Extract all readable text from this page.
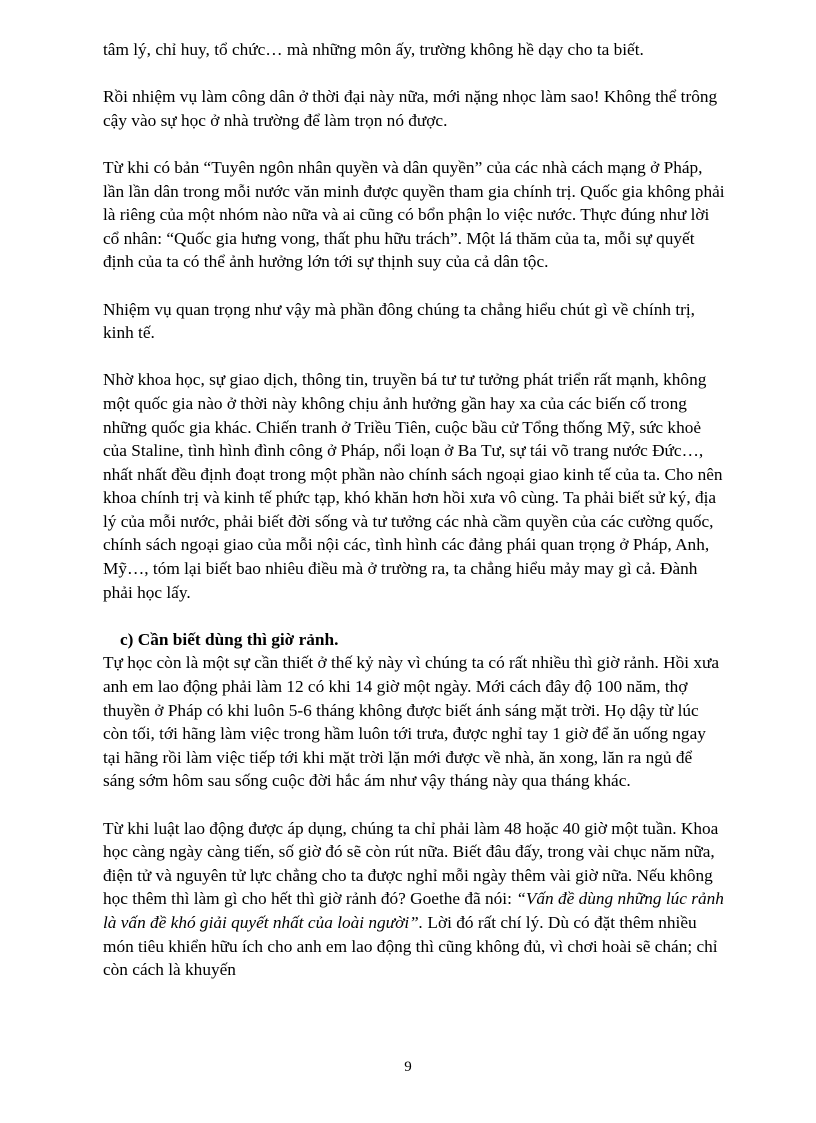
tâm lý, chỉ huy, tổ chức… mà những môn ấy, trường không hề dạy cho ta biết.

Rồi nhiệm vụ làm công dân ở thời đại này nữa, mới nặng nhọc làm sao! Không thể trông cậy vào sự học ở nhà trường để làm trọn nó được.

Từ khi có bản “Tuyên ngôn nhân quyền và dân quyền” của các nhà cách mạng ở Pháp, lần lần dân trong mỗi nước văn minh được quyền tham gia chính trị. Quốc gia không phải là riêng của một nhóm nào nữa và ai cũng có bổn phận lo việc nước. Thực đúng như lời cổ nhân: “Quốc gia hưng vong, thất phu hữu trách”. Một lá thăm của ta, mỗi sự quyết định của ta có thể ảnh hưởng lớn tới sự thịnh suy của cả dân tộc.

Nhiệm vụ quan trọng như vậy mà phần đông chúng ta chẳng hiểu chút gì về chính trị, kinh tế.

Nhờ khoa học, sự giao dịch, thông tin, truyền bá tư tư tưởng phát triển rất mạnh, không một quốc gia nào ở thời này không chịu ảnh hưởng gần hay xa của các biến cố trong những quốc gia khác. Chiến tranh ở Triều Tiên, cuộc bầu cử Tổng thống Mỹ, sức khoẻ của Staline, tình hình đình công ở Pháp, nổi loạn ở Ba Tư, sự tái võ trang nước Đức…, nhất nhất đều định đoạt trong một phần nào chính sách ngoại giao kinh tế của ta. Cho nên khoa chính trị và kinh tế phức tạp, khó khăn hơn hồi xưa vô cùng. Ta phải biết sử ký, địa lý của mỗi nước, phải biết đời sống và tư tưởng các nhà cầm quyền của các cường quốc, chính sách ngoại giao của mỗi nội các, tình hình các đảng phái quan trọng ở Pháp, Anh, Mỹ…, tóm lại biết bao nhiêu điều mà ở trường ra, ta chẳng hiểu mảy may gì cả. Đành phải học lấy.

c) Cần biết dùng thì giờ rảnh.

Tự học còn là một sự cần thiết ở thế kỷ này vì chúng ta có rất nhiều thì giờ rảnh. Hồi xưa anh em lao động phải làm 12 có khi 14 giờ một ngày. Mới cách đây độ 100 năm, thợ thuyền ở Pháp có khi luôn 5-6 tháng không được biết ánh sáng mặt trời. Họ dậy từ lúc còn tối, tới hãng làm việc trong hầm luôn tới trưa, được nghỉ tay 1 giờ để ăn uống ngay tại hãng rồi làm việc tiếp tới khi mặt trời lặn mới được về nhà, ăn xong, lăn ra ngủ để sáng sớm hôm sau sống cuộc đời hắc ám như vậy tháng này qua tháng khác.

Từ khi luật lao động được áp dụng, chúng ta chỉ phải làm 48 hoặc 40 giờ một tuần. Khoa học càng ngày càng tiến, số giờ đó sẽ còn rút nữa. Biết đâu đấy, trong vài chục năm nữa, điện tử và nguyên tử lực chẳng cho ta được nghỉ mỗi ngày thêm vài giờ nữa. Nếu không học thêm thì làm gì cho hết thì giờ rảnh đó? Goethe đã nói: “Vấn đề dùng những lúc rảnh là vấn đề khó giải quyết nhất của loài người”. Lời đó rất chí lý. Dù có đặt thêm nhiều món tiêu khiển hữu ích cho anh em lao động thì cũng không đủ, vì chơi hoài sẽ chán; chỉ còn cách là khuyến

9
